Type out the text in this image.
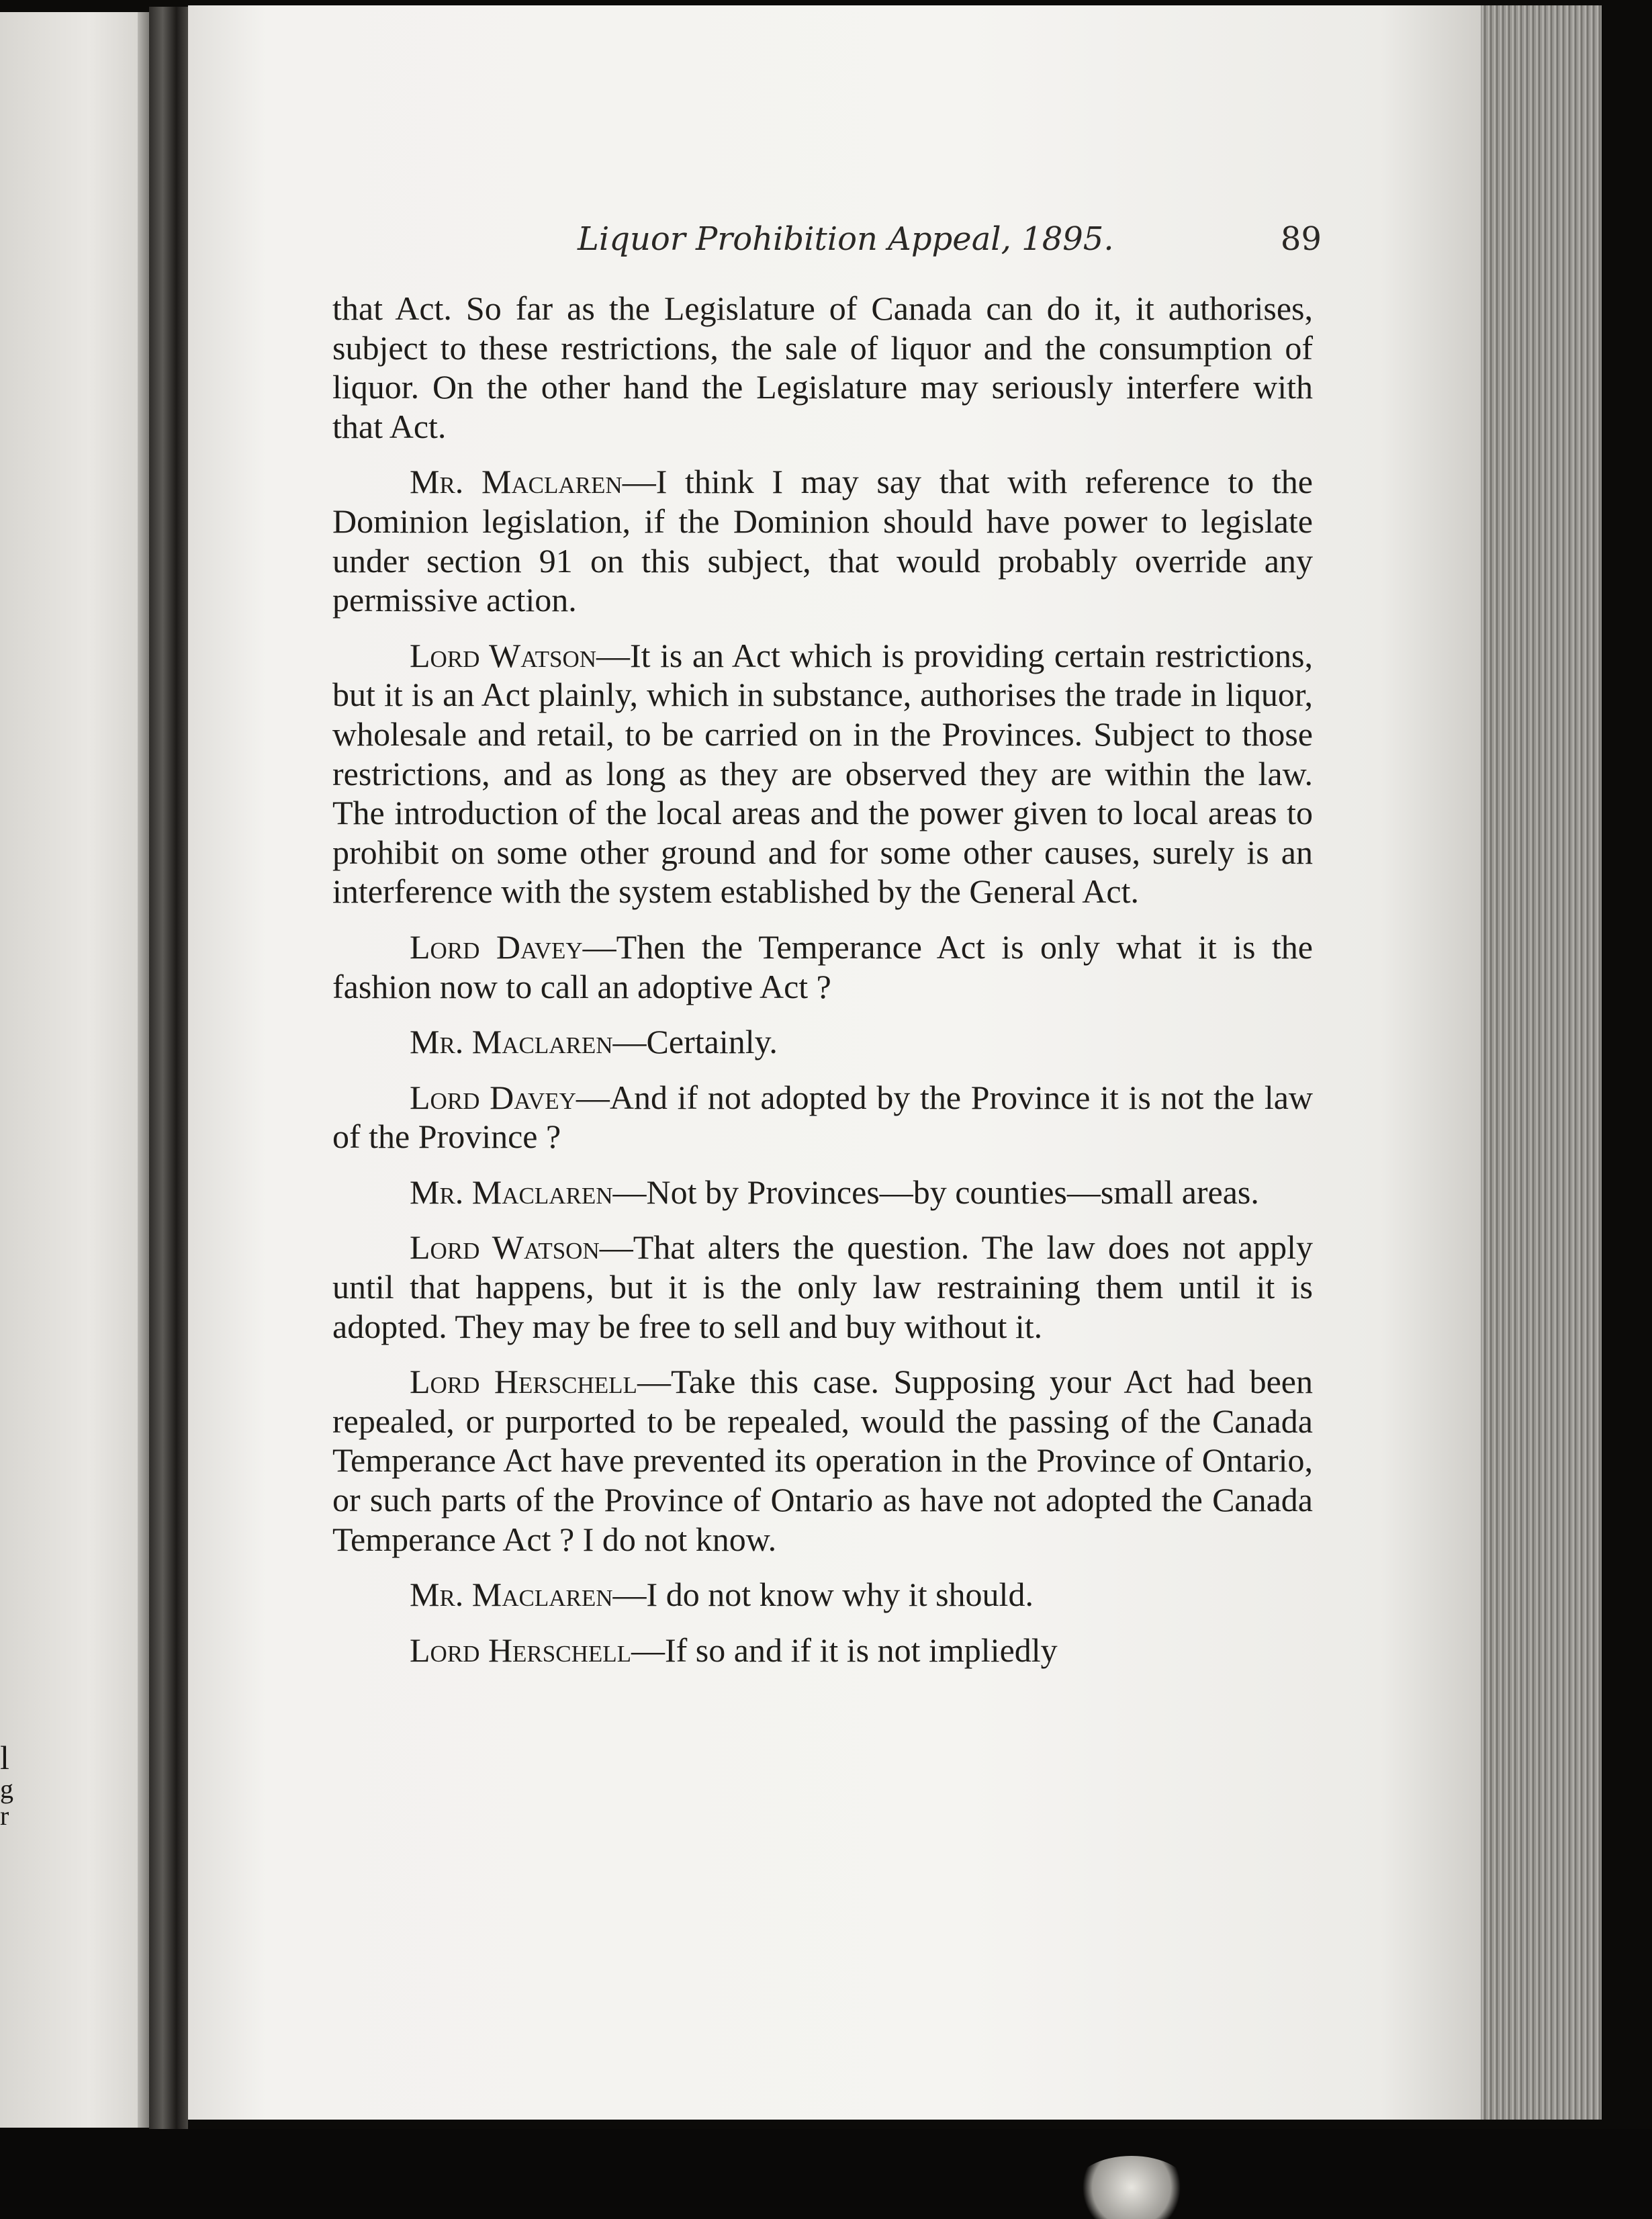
l
g
r
Liquor Prohibition Appeal, 1895.	89

that Act. So far as the Legislature of Canada can do it, it authorises, subject to these restrictions, the sale of liquor and the consumption of liquor. On the other hand the Legislature may seriously interfere with that Act.

Mr. Maclaren—I think I may say that with reference to the Dominion legislation, if the Dominion should have power to legislate under section 91 on this subject, that would probably override any permissive action.

Lord Watson—It is an Act which is providing certain restrictions, but it is an Act plainly, which in substance, authorises the trade in liquor, wholesale and retail, to be carried on in the Provinces. Subject to those restrictions, and as long as they are observed they are within the law. The introduction of the local areas and the power given to local areas to prohibit on some other ground and for some other causes, surely is an interference with the system established by the General Act.

Lord Davey—Then the Temperance Act is only what it is the fashion now to call an adoptive Act ?

Mr. Maclaren—Certainly.

Lord Davey—And if not adopted by the Province it is not the law of the Province ?

Mr. Maclaren—Not by Provinces—by counties—small areas.

Lord Watson—That alters the question. The law does not apply until that happens, but it is the only law restraining them until it is adopted. They may be free to sell and buy without it.

Lord Herschell—Take this case. Supposing your Act had been repealed, or purported to be repealed, would the passing of the Canada Temperance Act have prevented its operation in the Province of Ontario, or such parts of the Province of Ontario as have not adopted the Canada Temperance Act ? I do not know.

Mr. Maclaren—I do not know why it should.

Lord Herschell—If so and if it is not impliedly
